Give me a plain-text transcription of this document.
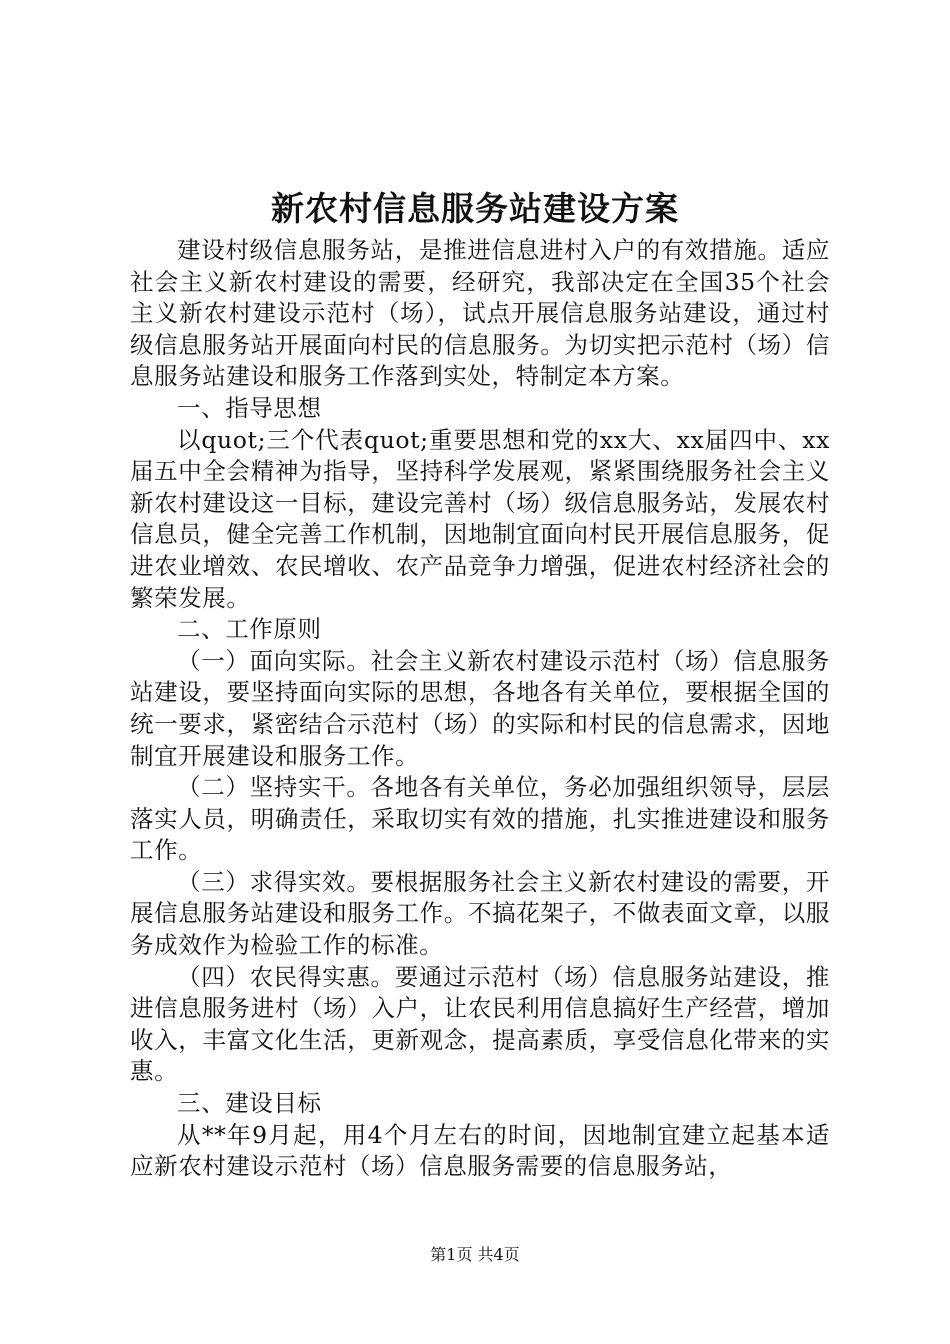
新农村信息服务站建设方案

建设村级信息服务站，是推进信息进村入户的有效措施。适应社会主义新农村建设的需要，经研究，我部决定在全国35个社会主义新农村建设示范村（场），试点开展信息服务站建设，通过村级信息服务站开展面向村民的信息服务。为切实把示范村（场）信息服务站建设和服务工作落到实处，特制定本方案。

一、指导思想

以quot;三个代表quot;重要思想和党的xx大、xx届四中、xx届五中全会精神为指导，坚持科学发展观，紧紧围绕服务社会主义新农村建设这一目标，建设完善村（场）级信息服务站，发展农村信息员，健全完善工作机制，因地制宜面向村民开展信息服务，促进农业增效、农民增收、农产品竞争力增强，促进农村经济社会的繁荣发展。

二、工作原则

（一）面向实际。社会主义新农村建设示范村（场）信息服务站建设，要坚持面向实际的思想，各地各有关单位，要根据全国的统一要求，紧密结合示范村（场）的实际和村民的信息需求，因地制宜开展建设和服务工作。

（二）坚持实干。各地各有关单位，务必加强组织领导，层层落实人员，明确责任，采取切实有效的措施，扎实推进建设和服务工作。

（三）求得实效。要根据服务社会主义新农村建设的需要，开展信息服务站建设和服务工作。不搞花架子，不做表面文章，以服务成效作为检验工作的标准。

（四）农民得实惠。要通过示范村（场）信息服务站建设，推进信息服务进村（场）入户，让农民利用信息搞好生产经营，增加收入，丰富文化生活，更新观念，提高素质，享受信息化带来的实惠。

三、建设目标

从**年9月起，用4个月左右的时间，因地制宜建立起基本适应新农村建设示范村（场）信息服务需要的信息服务站，

第1页 共4页
